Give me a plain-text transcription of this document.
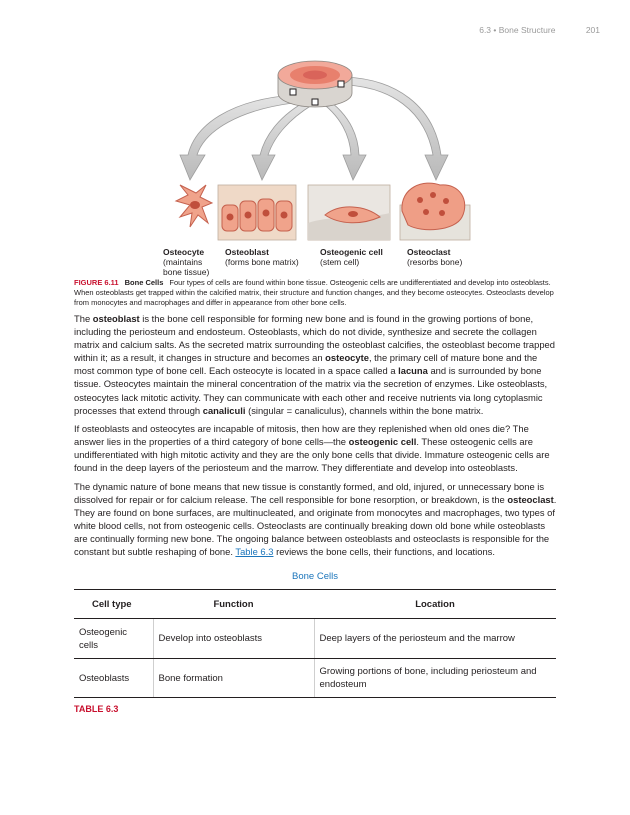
6.3 • Bone Structure	201
Osteocyte
(maintains bone tissue)
Osteoblast
(forms bone matrix)
Osteogenic cell
(stem cell)
Osteoclast
(resorbs bone)
FIGURE 6.11 Bone Cells Four types of cells are found within bone tissue. Osteogenic cells are undifferentiated and develop into osteoblasts. When osteoblasts get trapped within the calcified matrix, their structure and function changes, and they become osteocytes. Osteoclasts develop from monocytes and macrophages and differ in appearance from other bone cells.

The osteoblast is the bone cell responsible for forming new bone and is found in the growing portions of bone, including the periosteum and endosteum. Osteoblasts, which do not divide, synthesize and secrete the collagen matrix and calcium salts. As the secreted matrix surrounding the osteoblast calcifies, the osteoblast become trapped within it; as a result, it changes in structure and becomes an osteocyte, the primary cell of mature bone and the most common type of bone cell. Each osteocyte is located in a space called a lacuna and is surrounded by bone tissue. Osteocytes maintain the mineral concentration of the matrix via the secretion of enzymes. Like osteoblasts, osteocytes lack mitotic activity. They can communicate with each other and receive nutrients via long cytoplasmic processes that extend through canaliculi (singular = canaliculus), channels within the bone matrix.

If osteoblasts and osteocytes are incapable of mitosis, then how are they replenished when old ones die? The answer lies in the properties of a third category of bone cells—the osteogenic cell. These osteogenic cells are undifferentiated with high mitotic activity and they are the only bone cells that divide. Immature osteogenic cells are found in the deep layers of the periosteum and the marrow. They differentiate and develop into osteoblasts.

The dynamic nature of bone means that new tissue is constantly formed, and old, injured, or unnecessary bone is dissolved for repair or for calcium release. The cell responsible for bone resorption, or breakdown, is the osteoclast. They are found on bone surfaces, are multinucleated, and originate from monocytes and macrophages, two types of white blood cells, not from osteogenic cells. Osteoclasts are continually breaking down old bone while osteoblasts are continually forming new bone. The ongoing balance between osteoblasts and osteoclasts is responsible for the constant but subtle reshaping of bone. Table 6.3 reviews the bone cells, their functions, and locations.

Bone Cells
Cell type	Function	Location
Osteogenic cells	Develop into osteoblasts	Deep layers of the periosteum and the marrow
Osteoblasts	Bone formation	Growing portions of bone, including periosteum and endosteum
TABLE 6.3
